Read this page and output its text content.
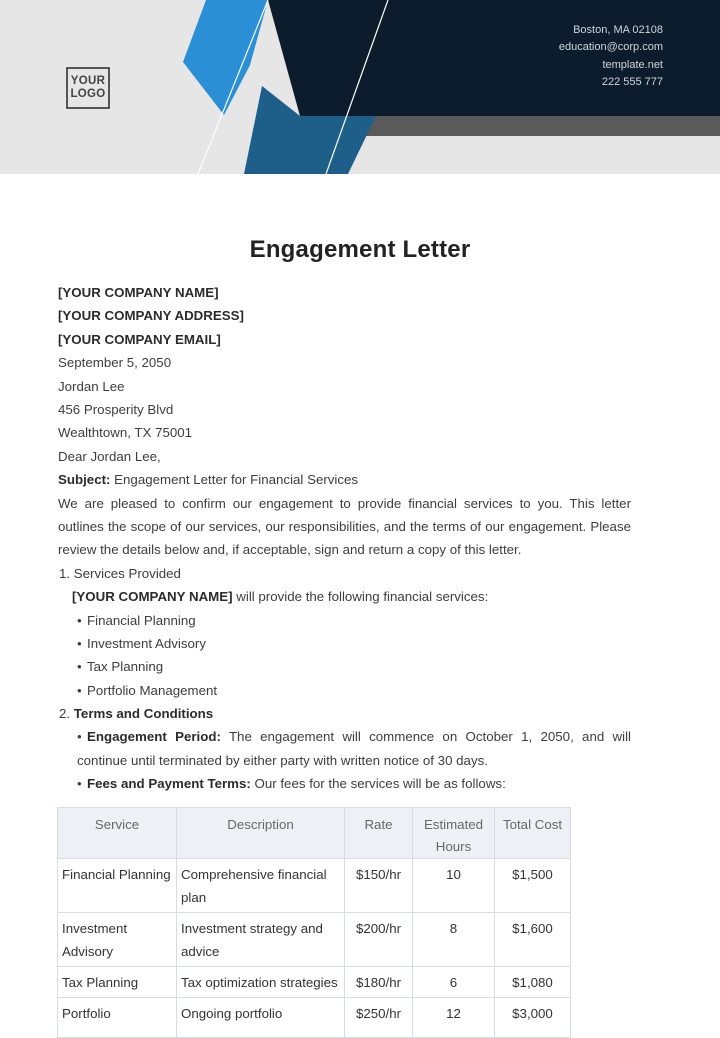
YOUR
LOGO
Boston, MA 02108
education@corp.com
template.net
222 555 777
Engagement Letter
[YOUR COMPANY NAME]
[YOUR COMPANY ADDRESS]
[YOUR COMPANY EMAIL]
September 5, 2050
Jordan Lee
456 Prosperity Blvd
Wealthtown, TX 75001
Dear Jordan Lee,
Subject: Engagement Letter for Financial Services
We are pleased to confirm our engagement to provide financial services to you. This letter outlines the scope of our services, our responsibilities, and the terms of our engagement. Please review the details below and, if acceptable, sign and return a copy of this letter.
1. Services Provided
[YOUR COMPANY NAME] will provide the following financial services:
• Financial Planning
• Investment Advisory
• Tax Planning
• Portfolio Management
2. Terms and Conditions
• Engagement Period: The engagement will commence on October 1, 2050, and will continue until terminated by either party with written notice of 30 days.
• Fees and Payment Terms: Our fees for the services will be as follows:
Service	Description	Rate	Estimated Hours	Total Cost
Financial Planning	Comprehensive financial plan	$150/hr	10	$1,500
Investment Advisory	Investment strategy and advice	$200/hr	8	$1,600
Tax Planning	Tax optimization strategies	$180/hr	6	$1,080
Portfolio	Ongoing portfolio	$250/hr	12	$3,000
